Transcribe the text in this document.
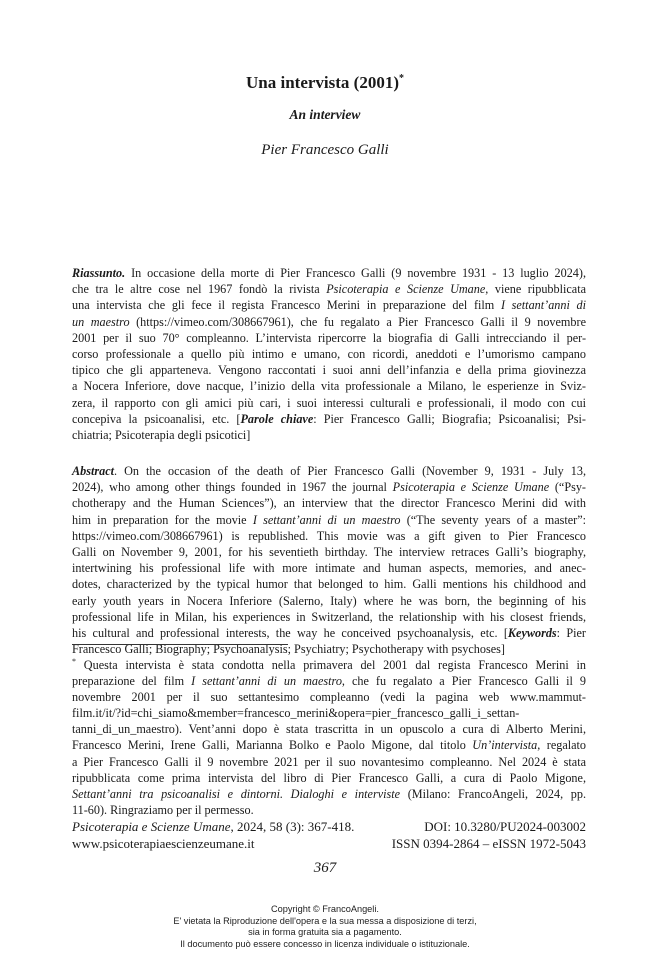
Una intervista (2001)*
An interview
Pier Francesco Galli
Riassunto. In occasione della morte di Pier Francesco Galli (9 novembre 1931 - 13 luglio 2024),
che tra le altre cose nel 1967 fondò la rivista Psicoterapia e Scienze Umane, viene ripubblicata
una intervista che gli fece il regista Francesco Merini in preparazione del film I settant’anni di
un maestro (https://vimeo.com/308667961), che fu regalato a Pier Francesco Galli il 9 novembre
2001 per il suo 70° compleanno. L’intervista ripercorre la biografia di Galli intrecciando il per-
corso professionale a quello più intimo e umano, con ricordi, aneddoti e l’umorismo campano
tipico che gli apparteneva. Vengono raccontati i suoi anni dell’infanzia e della prima giovinezza
a Nocera Inferiore, dove nacque, l’inizio della vita professionale a Milano, le esperienze in Sviz-
zera, il rapporto con gli amici più cari, i suoi interessi culturali e professionali, il modo con cui
concepiva la psicoanalisi, etc. [Parole chiave: Pier Francesco Galli; Biografia; Psicoanalisi; Psi-
chiatria; Psicoterapia degli psicotici]
Abstract. On the occasion of the death of Pier Francesco Galli (November 9, 1931 - July 13,
2024), who among other things founded in 1967 the journal Psicoterapia e Scienze Umane (“Psy-
chotherapy and the Human Sciences”), an interview that the director Francesco Merini did with
him in preparation for the movie I settant’anni di un maestro (“The seventy years of a master”:
https://vimeo.com/308667961) is republished. This movie was a gift given to Pier Francesco
Galli on November 9, 2001, for his seventieth birthday. The interview retraces Galli’s biography,
intertwining his professional life with more intimate and human aspects, memories, and anec-
dotes, characterized by the typical humor that belonged to him. Galli mentions his childhood and
early youth years in Nocera Inferiore (Salerno, Italy) where he was born, the beginning of his
professional life in Milan, his experiences in Switzerland, the relationship with his closest friends,
his cultural and professional interests, the way he conceived psychoanalysis, etc. [Keywords: Pier
Francesco Galli; Biography; Psychoanalysis; Psychiatry; Psychotherapy with psychoses]
* Questa intervista è stata condotta nella primavera del 2001 dal regista Francesco Merini in
preparazione del film I settant’anni di un maestro, che fu regalato a Pier Francesco Galli il 9
novembre 2001 per il suo settantesimo compleanno (vedi la pagina web www.mammut-
film.it/it/?id=chi_siamo&member=francesco_merini&opera=pier_francesco_galli_i_settan-
tanni_di_un_maestro). Vent’anni dopo è stata trascritta in un opuscolo a cura di Alberto Merini,
Francesco Merini, Irene Galli, Marianna Bolko e Paolo Migone, dal titolo Un’intervista, regalato
a Pier Francesco Galli il 9 novembre 2021 per il suo novantesimo compleanno. Nel 2024 è stata
ripubblicata come prima intervista del libro di Pier Francesco Galli, a cura di Paolo Migone,
Settant’anni tra psicoanalisi e dintorni. Dialoghi e interviste (Milano: FrancoAngeli, 2024, pp.
11-60). Ringraziamo per il permesso.
Psicoterapia e Scienze Umane, 2024, 58 (3): 367-418.	DOI: 10.3280/PU2024-003002
www.psicoterapiaescienzeumane.it	ISSN 0394-2864 – eISSN 1972-5043
367
Copyright © FrancoAngeli.
E' vietata la Riproduzione dell'opera e la sua messa a disposizione di terzi,
sia in forma gratuita sia a pagamento.
Il documento può essere concesso in licenza individuale o istituzionale.
